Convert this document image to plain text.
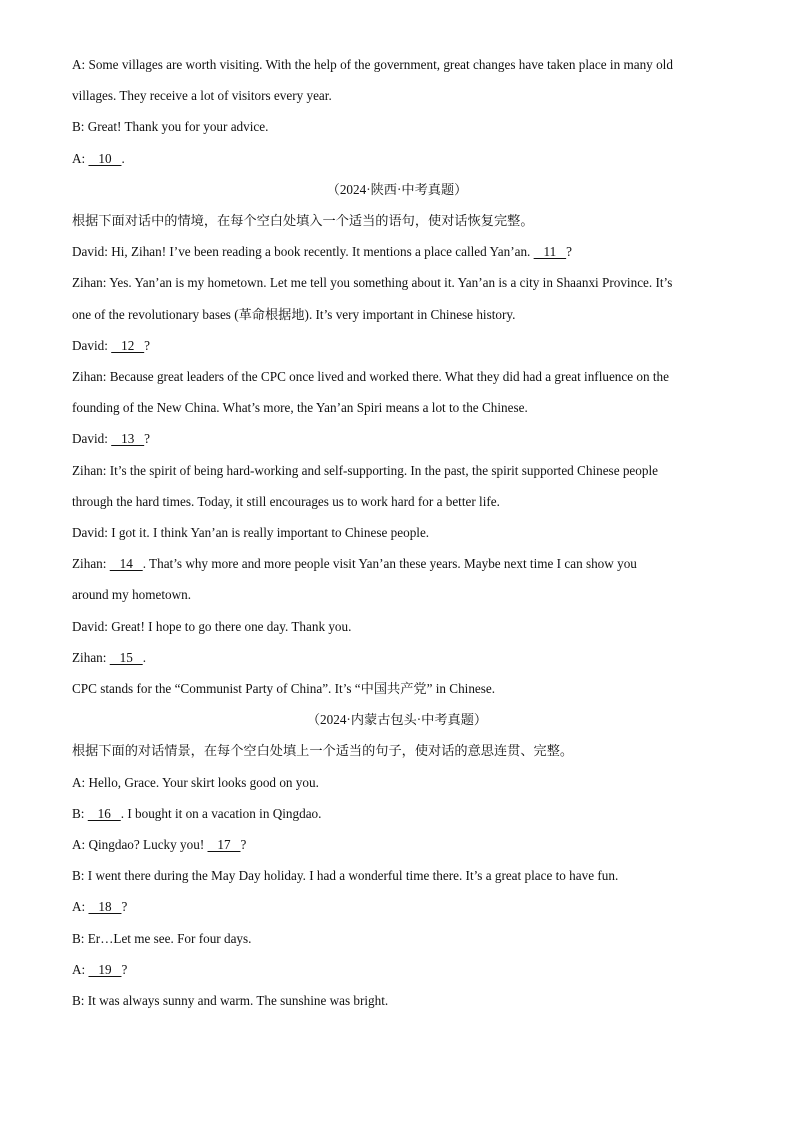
A: Some villages are worth visiting. With the help of the government, great changes have taken place in many old
villages. They receive a lot of visitors every year.
B: Great! Thank you for your advice.
A:    10   .
（2024·陕西·中考真题）
根据下面对话中的情境，在每个空白处填入一个适当的语句，使对话恢复完整。
David: Hi, Zihan! I’ve been reading a book recently. It mentions a place called Yan’an.    11   ?
Zihan: Yes. Yan’an is my hometown. Let me tell you something about it. Yan’an is a city in Shaanxi Province. It’s
one of the revolutionary bases (革命根据地). It’s very important in Chinese history.
David:    12   ?
Zihan: Because great leaders of the CPC once lived and worked there. What they did had a great influence on the
founding of the New China. What’s more, the Yan’an Spiri means a lot to the Chinese.
David:    13   ?
Zihan: It’s the spirit of being hard-working and self-supporting. In the past, the spirit supported Chinese people
through the hard times. Today, it still encourages us to work hard for a better life.
David: I got it. I think Yan’an is really important to Chinese people.
Zihan:    14   . That’s why more and more people visit Yan’an these years. Maybe next time I can show you
around my hometown.
David: Great! I hope to go there one day. Thank you.
Zihan:    15   .
CPC stands for the “Communist Party of China”. It’s “中国共产党” in Chinese.
（2024·内蒙古包头·中考真题）
根据下面的对话情景，在每个空白处填上一个适当的句子，使对话的意思连贯、完整。
A: Hello, Grace. Your skirt looks good on you.
B:    16   . I bought it on a vacation in Qingdao.
A: Qingdao? Lucky you!    17   ?
B: I went there during the May Day holiday. I had a wonderful time there. It’s a great place to have fun.
A:    18   ?
B: Er…Let me see. For four days.
A:    19   ?
B: It was always sunny and warm. The sunshine was bright.
